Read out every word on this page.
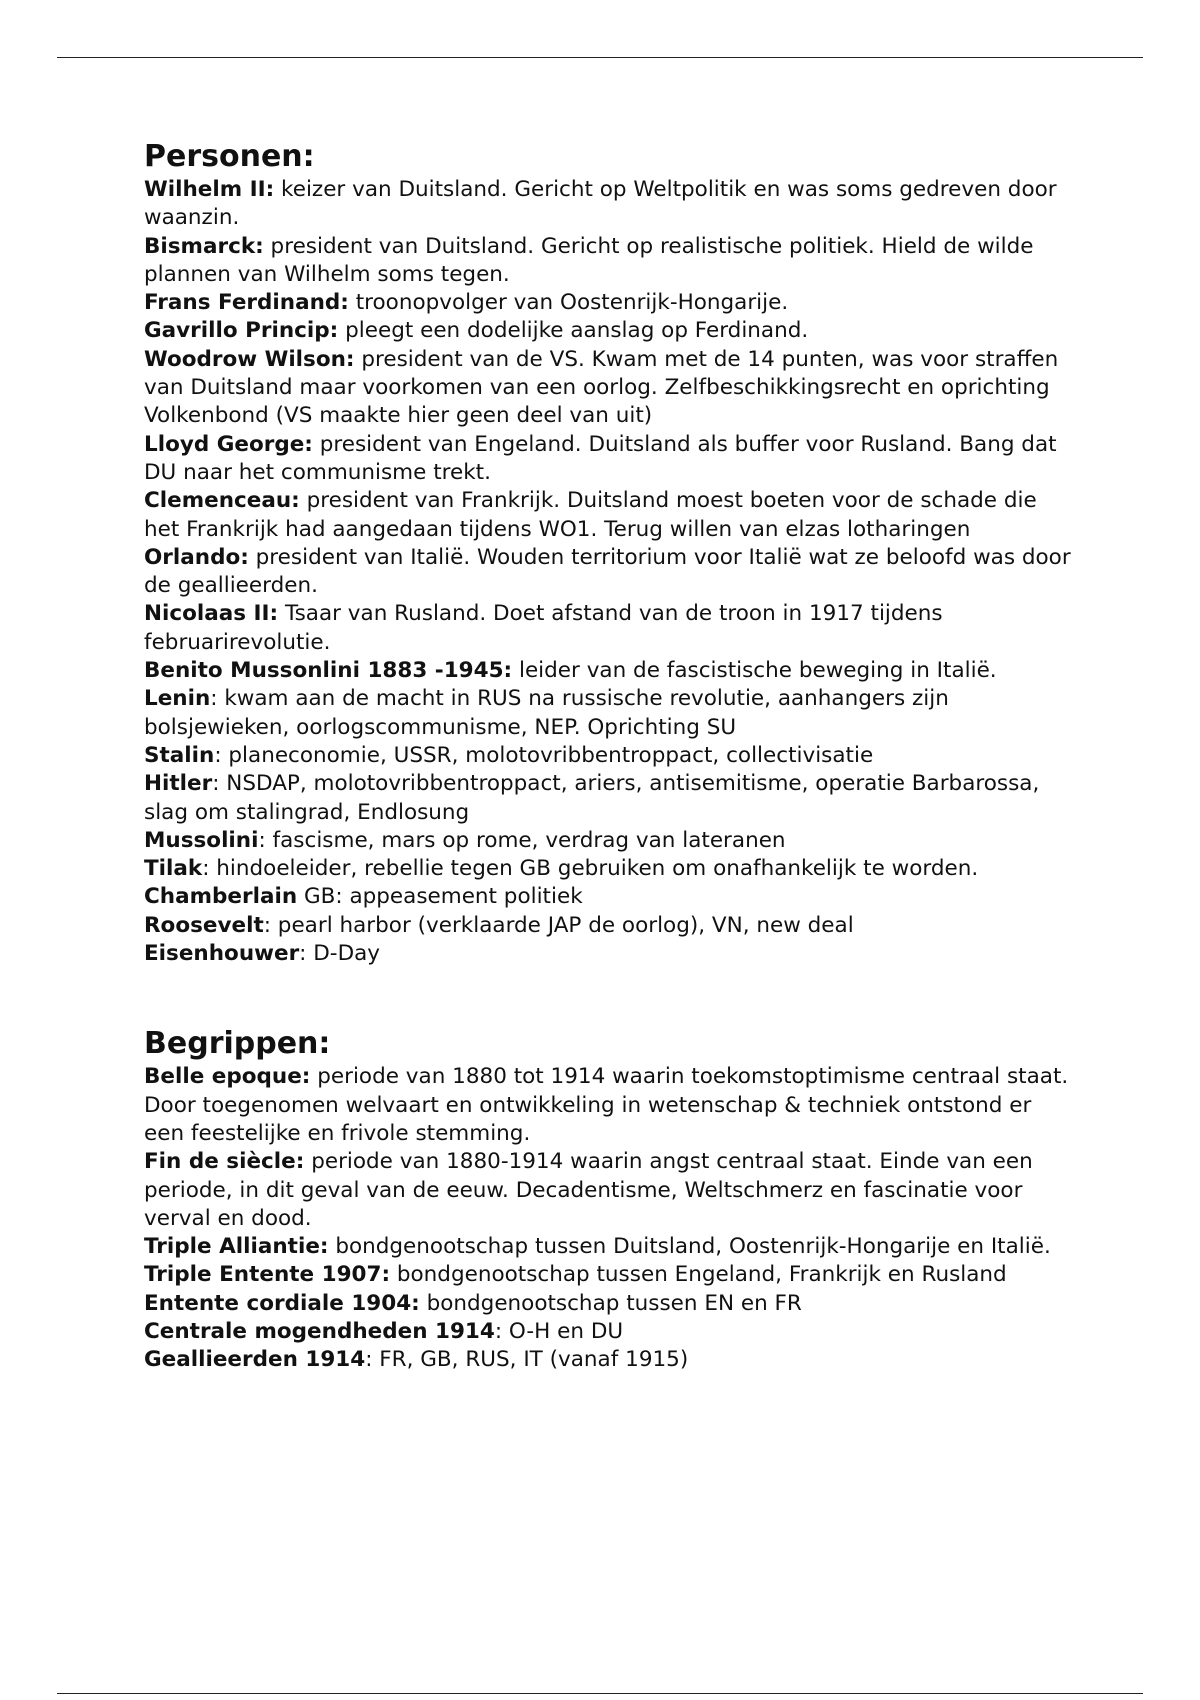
Personen:

Wilhelm II: keizer van Duitsland. Gericht op Weltpolitik en was soms gedreven door waanzin.

Bismarck: president van Duitsland. Gericht op realistische politiek. Hield de wilde plannen van Wilhelm soms tegen.

Frans Ferdinand: troonopvolger van Oostenrijk-Hongarije.

Gavrillo Princip: pleegt een dodelijke aanslag op Ferdinand.

Woodrow Wilson: president van de VS. Kwam met de 14 punten, was voor straffen van Duitsland maar voorkomen van een oorlog. Zelfbeschikkingsrecht en oprichting Volkenbond (VS maakte hier geen deel van uit)

Lloyd George: president van Engeland. Duitsland als buffer voor Rusland. Bang dat DU naar het communisme trekt.

Clemenceau: president van Frankrijk. Duitsland moest boeten voor de schade die het Frankrijk had aangedaan tijdens WO1. Terug willen van elzas lotharingen

Orlando: president van Italië. Wouden territorium voor Italië wat ze beloofd was door de geallieerden.

Nicolaas II: Tsaar van Rusland. Doet afstand van de troon in 1917 tijdens februarirevolutie.

Benito Mussonlini 1883 -1945: leider van de fascistische beweging in Italië.

Lenin: kwam aan de macht in RUS na russische revolutie, aanhangers zijn bolsjewieken, oorlogscommunisme, NEP. Oprichting SU

Stalin: planeconomie, USSR, molotovribbentroppact, collectivisatie

Hitler: NSDAP, molotovribbentroppact, ariers, antisemitisme, operatie Barbarossa, slag om stalingrad, Endlosung

Mussolini: fascisme, mars op rome, verdrag van lateranen

Tilak: hindoeleider, rebellie tegen GB gebruiken om onafhankelijk te worden.

Chamberlain GB: appeasement politiek

Roosevelt: pearl harbor (verklaarde JAP de oorlog), VN, new deal

Eisenhouwer: D-Day

Begrippen:

Belle epoque: periode van 1880 tot 1914 waarin toekomstoptimisme centraal staat. Door toegenomen welvaart en ontwikkeling in wetenschap & techniek ontstond er een feestelijke en frivole stemming.

Fin de siècle: periode van 1880-1914 waarin angst centraal staat. Einde van een periode, in dit geval van de eeuw. Decadentisme, Weltschmerz en fascinatie voor verval en dood.

Triple Alliantie: bondgenootschap tussen Duitsland, Oostenrijk-Hongarije en Italië.

Triple Entente 1907: bondgenootschap tussen Engeland, Frankrijk en Rusland

Entente cordiale 1904: bondgenootschap tussen EN en FR

Centrale mogendheden 1914: O-H en DU

Geallieerden 1914: FR, GB, RUS, IT (vanaf 1915)
